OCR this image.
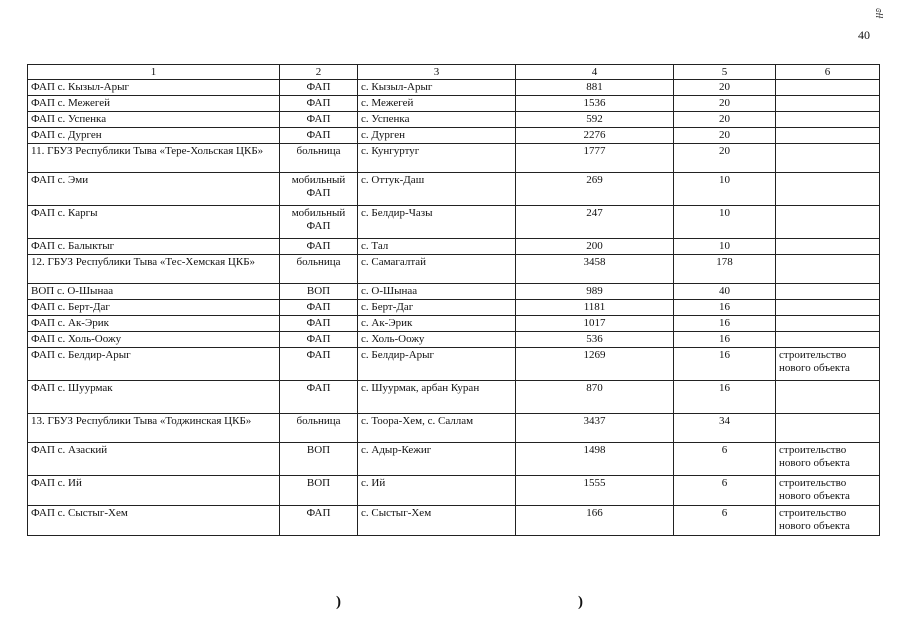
40
ɞƚƚ
1	2	3	4	5	6
ФАП с. Кызыл-Арыг	ФАП	с. Кызыл-Арыг	881	20	
ФАП с. Межегей	ФАП	с. Межегей	1536	20	
ФАП с. Успенка	ФАП	с. Успенка	592	20	
ФАП с. Дурген	ФАП	с. Дурген	2276	20	
11. ГБУЗ Республики Тыва «Тере-Хольская ЦКБ»	больница	с. Кунгуртуг	1777	20	
ФАП с. Эми	мобильный ФАП	с. Оттук-Даш	269	10	
ФАП с. Каргы	мобильный ФАП	с. Белдир-Чазы	247	10	
ФАП с. Балыктыг	ФАП	с. Тал	200	10	
12. ГБУЗ Республики Тыва «Тес-Хемская ЦКБ»	больница	с. Самагалтай	3458	178	
ВОП с. О-Шынаа	ВОП	с. О-Шынаа	989	40	
ФАП с. Берт-Даг	ФАП	с. Берт-Даг	1181	16	
ФАП с. Ак-Эрик	ФАП	с. Ак-Эрик	1017	16	
ФАП с. Холь-Оожу	ФАП	с. Холь-Оожу	536	16	
ФАП с. Белдир-Арыг	ФАП	с. Белдир-Арыг	1269	16	строительство нового объекта
ФАП с. Шуурмак	ФАП	с. Шуурмак, арбан Куран	870	16	
13. ГБУЗ Республики Тыва «Тоджинская ЦКБ»	больница	с. Тоора-Хем, с. Саллам	3437	34	
ФАП с. Азаский	ВОП	с. Адыр-Кежиг	1498	6	строительство нового объекта
ФАП с. Ий	ВОП	с. Ий	1555	6	строительство нового объекта
ФАП с. Сыстыг-Хем	ФАП	с. Сыстыг-Хем	166	6	строительство нового объекта
)	)
